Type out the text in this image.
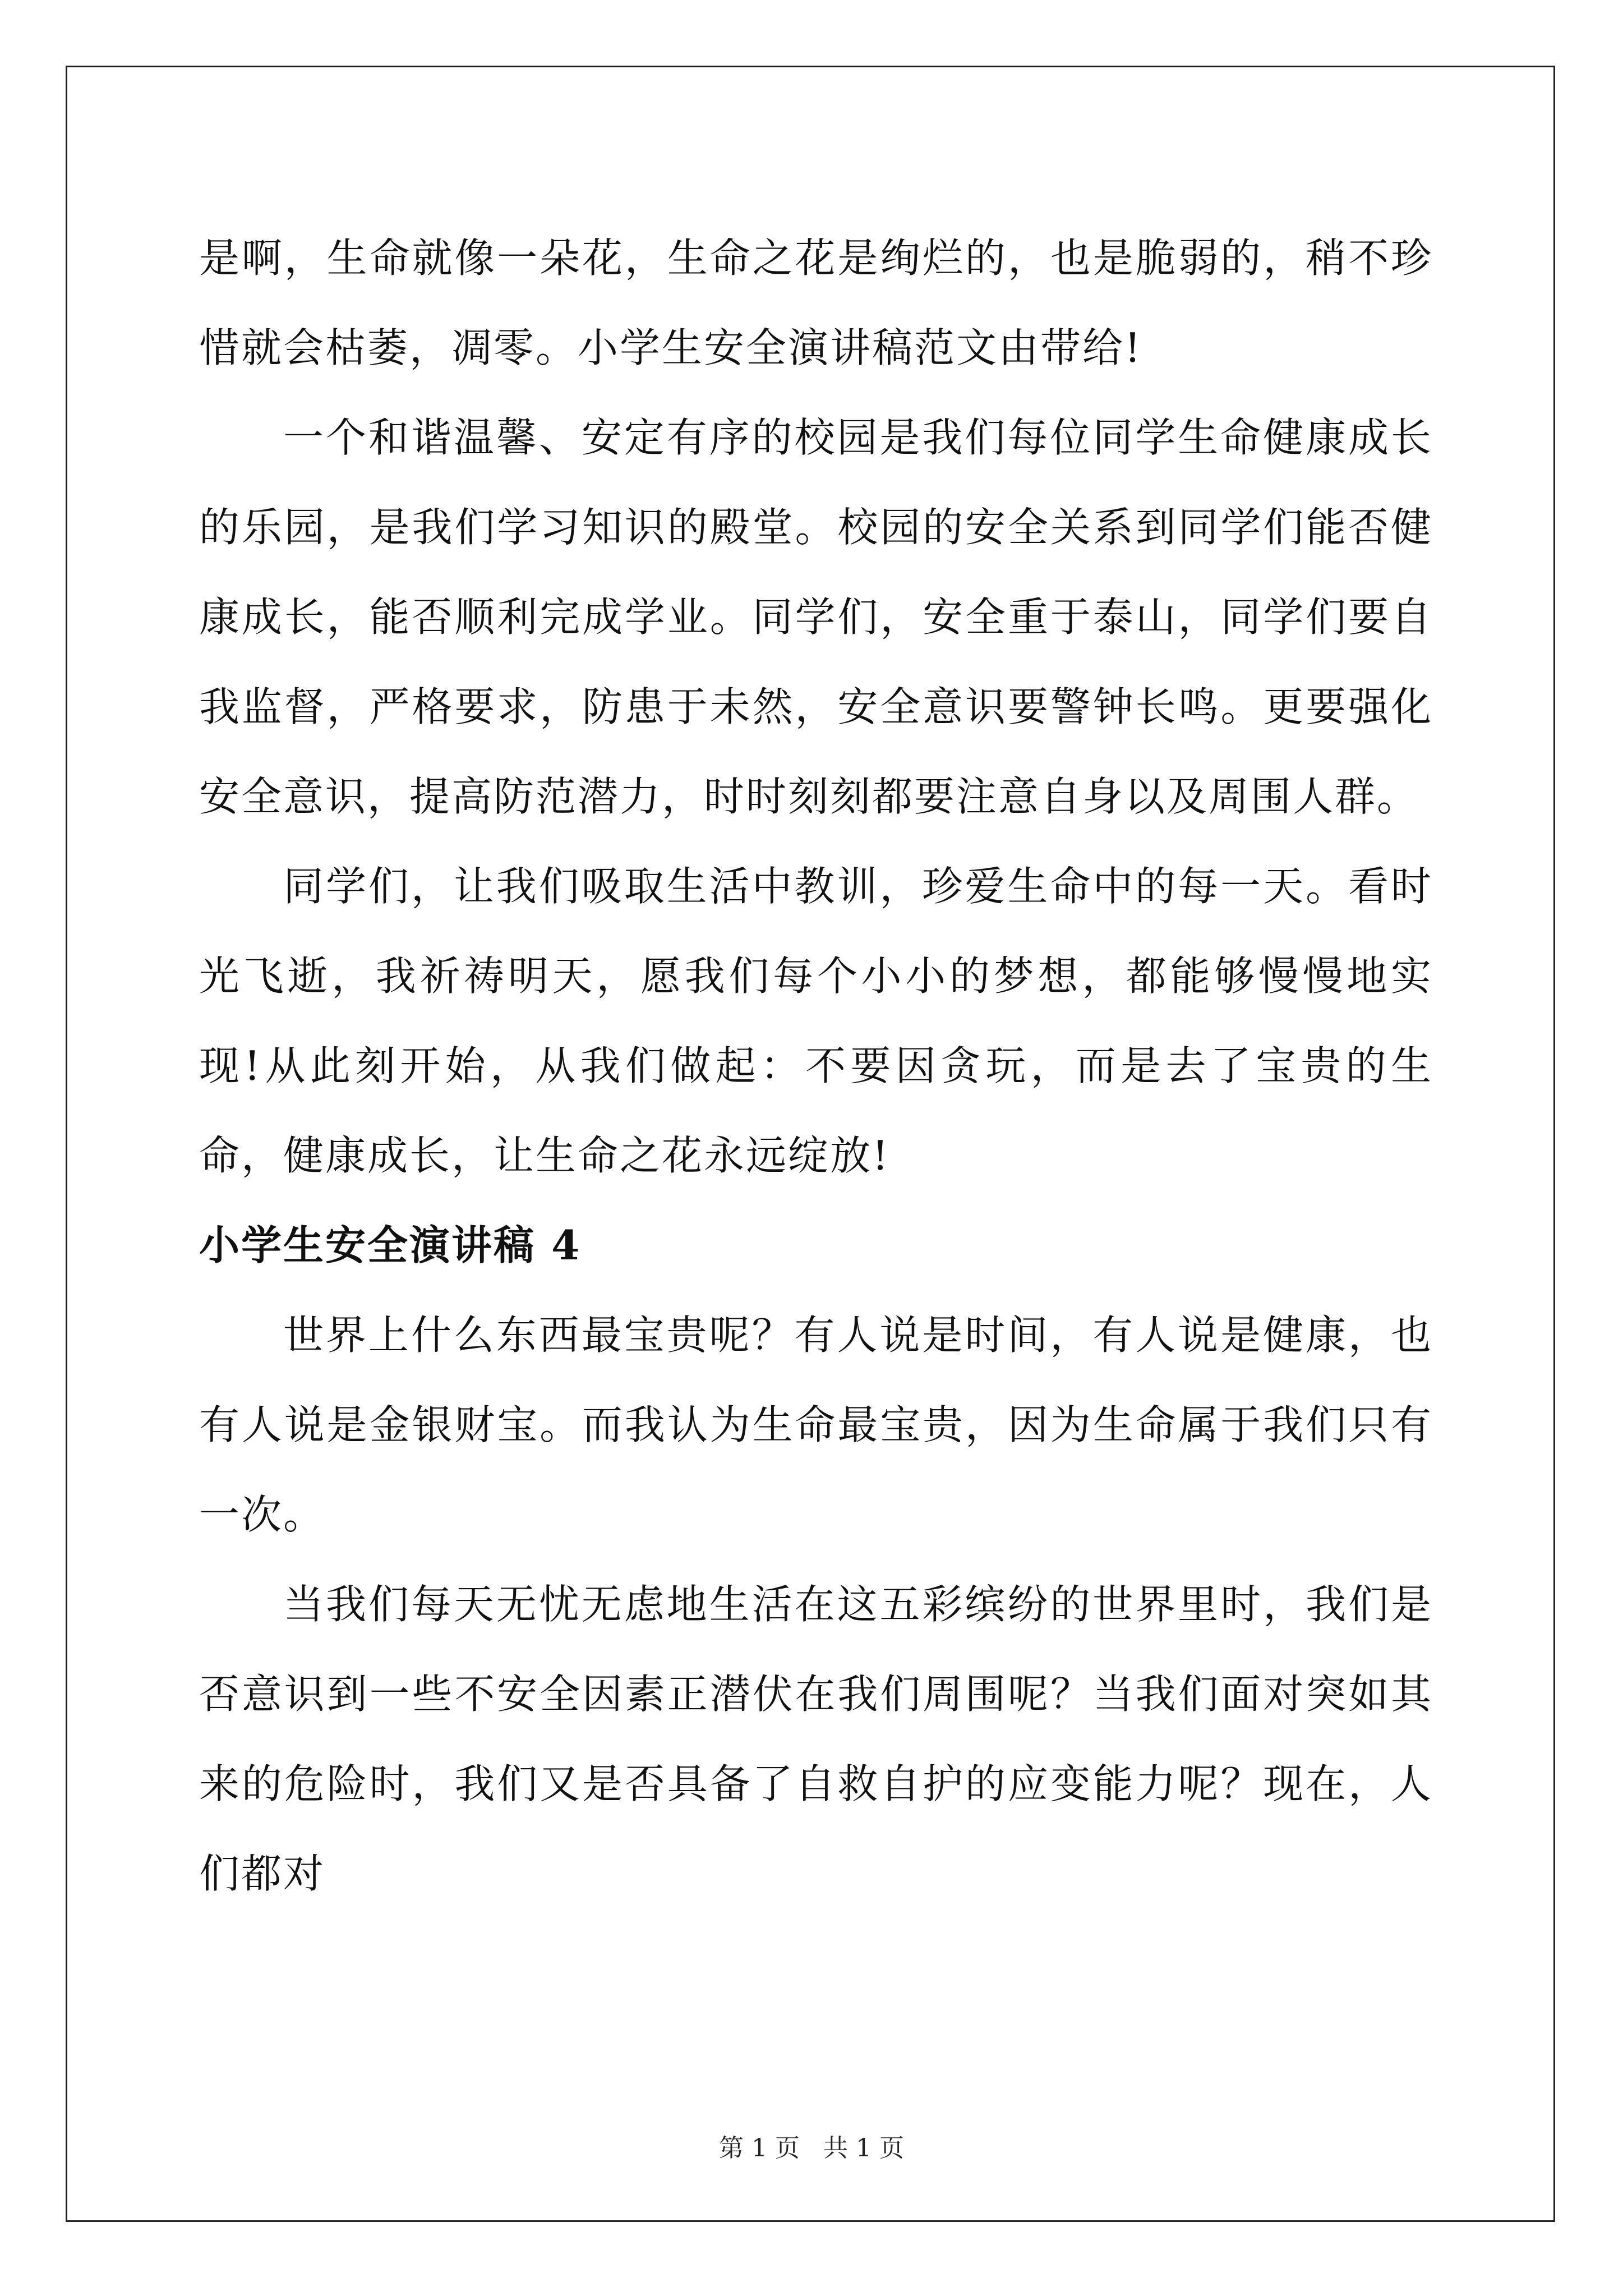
是啊，生命就像一朵花，生命之花是绚烂的，也是脆弱的，稍不珍惜就会枯萎，凋零。小学生安全演讲稿范文由带给!

一个和谐温馨、安定有序的校园是我们每位同学生命健康成长的乐园，是我们学习知识的殿堂。校园的安全关系到同学们能否健康成长，能否顺利完成学业。同学们，安全重于泰山，同学们要自我监督，严格要求，防患于未然，安全意识要警钟长鸣。更要强化安全意识，提高防范潜力，时时刻刻都要注意自身以及周围人群。

同学们，让我们吸取生活中教训，珍爱生命中的每一天。看时光飞逝，我祈祷明天，愿我们每个小小的梦想，都能够慢慢地实现!从此刻开始，从我们做起：不要因贪玩，而是去了宝贵的生命，健康成长，让生命之花永远绽放!

小学生安全演讲稿 4

世界上什么东西最宝贵呢？有人说是时间，有人说是健康，也有人说是金银财宝。而我认为生命最宝贵，因为生命属于我们只有一次。

当我们每天无忧无虑地生活在这五彩缤纷的世界里时，我们是否意识到一些不安全因素正潜伏在我们周围呢？当我们面对突如其来的危险时，我们又是否具备了自救自护的应变能力呢？现在，人们都对

第 1 页 共 1 页
